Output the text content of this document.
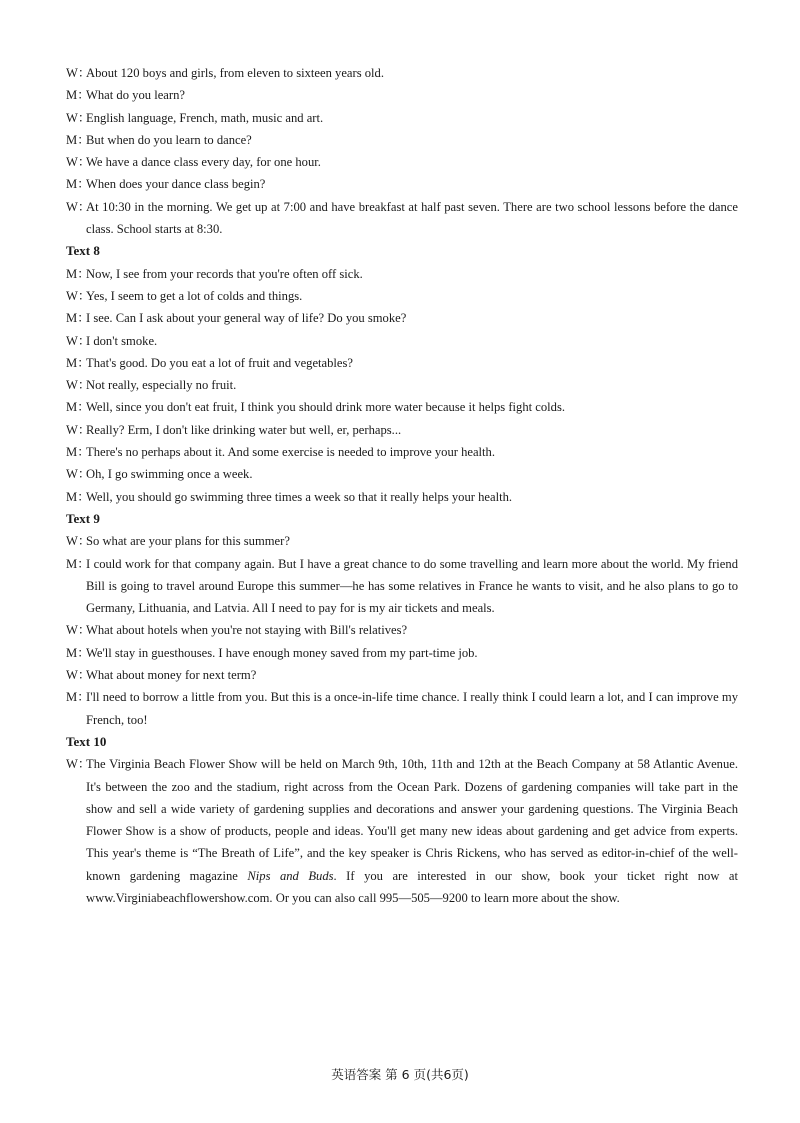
W：
About 120 boys and girls, from eleven to sixteen years old.
M：
What do you learn?
W：
English language, French, math, music and art.
M：
But when do you learn to dance?
W：
We have a dance class every day, for one hour.
M：
When does your dance class begin?
W：
At 10:30 in the morning. We get up at 7:00 and have breakfast at half past seven. There are two school lessons before the dance class. School starts at 8:30.
Text 8
M：
Now, I see from your records that you're often off sick.
W：
Yes, I seem to get a lot of colds and things.
M：
I see. Can I ask about your general way of life? Do you smoke?
W：
I don't smoke.
M：
That's good. Do you eat a lot of fruit and vegetables?
W：
Not really, especially no fruit.
M：
Well, since you don't eat fruit, I think you should drink more water because it helps fight colds.
W：
Really? Erm, I don't like drinking water but well, er, perhaps...
M：
There's no perhaps about it. And some exercise is needed to improve your health.
W：
Oh, I go swimming once a week.
M：
Well, you should go swimming three times a week so that it really helps your health.
Text 9
W：
So what are your plans for this summer?
M：
I could work for that company again. But I have a great chance to do some travelling and learn more about the world. My friend Bill is going to travel around Europe this summer—he has some relatives in France he wants to visit, and he also plans to go to Germany, Lithuania, and Latvia. All I need to pay for is my air tickets and meals.
W：
What about hotels when you're not staying with Bill's relatives?
M：
We'll stay in guesthouses. I have enough money saved from my part-time job.
W：
What about money for next term?
M：
I'll need to borrow a little from you. But this is a once-in-life time chance. I really think I could learn a lot, and I can improve my French, too!
Text 10
W：
The Virginia Beach Flower Show will be held on March 9th, 10th, 11th and 12th at the Beach Company at 58 Atlantic Avenue. It's between the zoo and the stadium, right across from the Ocean Park. Dozens of gardening companies will take part in the show and sell a wide variety of gardening supplies and decorations and answer your gardening questions. The Virginia Beach Flower Show is a show of products, people and ideas. You'll get many new ideas about gardening and get advice from experts. This year's theme is “The Breath of Life”, and the key speaker is Chris Rickens, who has served as editor-in-chief of the well-known gardening magazine Nips and Buds. If you are interested in our show, book your ticket right now at www.Virginiabeachflowershow.com. Or you can also call 995—505—9200 to learn more about the show.
英语答案 第 6 页(共6页)
